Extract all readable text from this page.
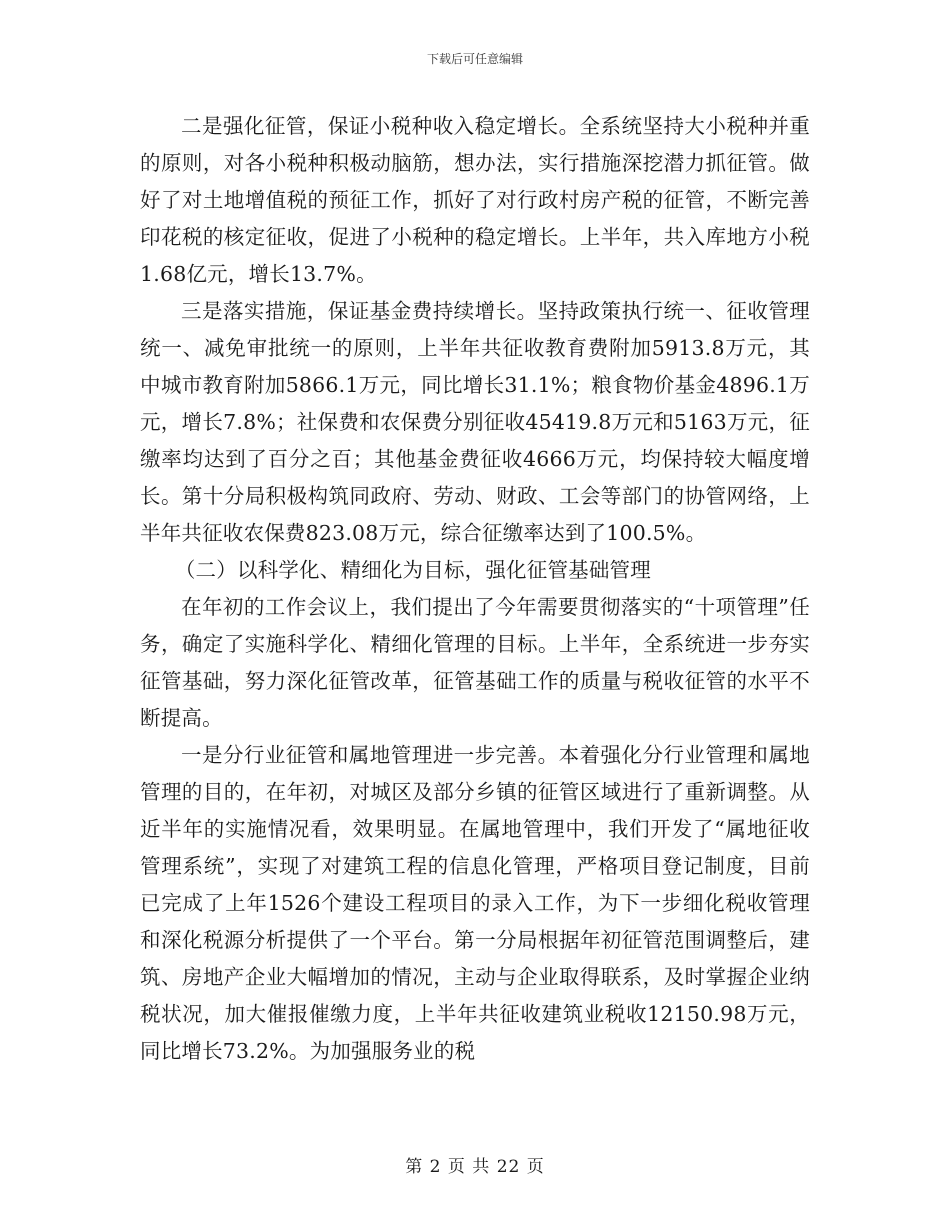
下载后可任意编辑

二是强化征管，保证小税种收入稳定增长。全系统坚持大小税种并重的原则，对各小税种积极动脑筋，想办法，实行措施深挖潜力抓征管。做好了对土地增值税的预征工作，抓好了对行政村房产税的征管，不断完善印花税的核定征收，促进了小税种的稳定增长。上半年，共入库地方小税1.68亿元，增长13.7%。

三是落实措施，保证基金费持续增长。坚持政策执行统一、征收管理统一、减免审批统一的原则，上半年共征收教育费附加5913.8万元，其中城市教育附加5866.1万元，同比增长31.1%；粮食物价基金4896.1万元，增长7.8%；社保费和农保费分别征收45419.8万元和5163万元，征缴率均达到了百分之百；其他基金费征收4666万元，均保持较大幅度增长。第十分局积极构筑同政府、劳动、财政、工会等部门的协管网络，上半年共征收农保费823.08万元，综合征缴率达到了100.5%。

（二）以科学化、精细化为目标，强化征管基础管理

在年初的工作会议上，我们提出了今年需要贯彻落实的“十项管理”任务，确定了实施科学化、精细化管理的目标。上半年，全系统进一步夯实征管基础，努力深化征管改革，征管基础工作的质量与税收征管的水平不断提高。

一是分行业征管和属地管理进一步完善。本着强化分行业管理和属地管理的目的，在年初，对城区及部分乡镇的征管区域进行了重新调整。从近半年的实施情况看，效果明显。在属地管理中，我们开发了“属地征收管理系统”，实现了对建筑工程的信息化管理，严格项目登记制度，目前已完成了上年1526个建设工程项目的录入工作，为下一步细化税收管理和深化税源分析提供了一个平台。第一分局根据年初征管范围调整后，建筑、房地产企业大幅增加的情况，主动与企业取得联系，及时掌握企业纳税状况，加大催报催缴力度，上半年共征收建筑业税收12150.98万元，同比增长73.2%。为加强服务业的税

第 2 页 共 22 页
